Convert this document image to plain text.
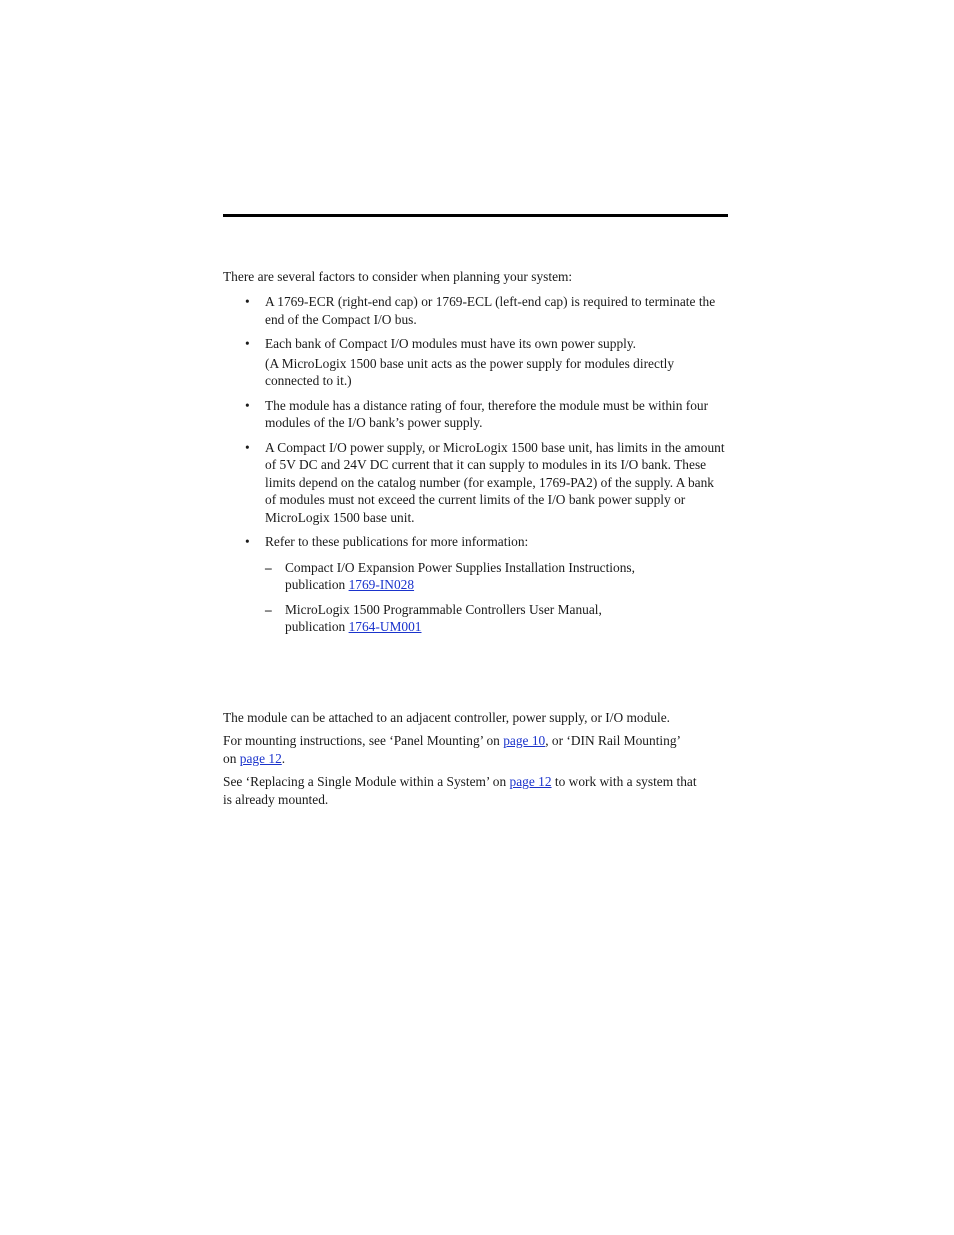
There are several factors to consider when planning your system:

• A 1769-ECR (right-end cap) or 1769-ECL (left-end cap) is required to terminate the end of the Compact I/O bus.
• Each bank of Compact I/O modules must have its own power supply.
(A MicroLogix 1500 base unit acts as the power supply for modules directly connected to it.)
• The module has a distance rating of four, therefore the module must be within four modules of the I/O bank’s power supply.
• A Compact I/O power supply, or MicroLogix 1500 base unit, has limits in the amount of 5V DC and 24V DC current that it can supply to modules in its I/O bank. These limits depend on the catalog number (for example, 1769-PA2) of the supply. A bank of modules must not exceed the current limits of the I/O bank power supply or MicroLogix 1500 base unit.
• Refer to these publications for more information:
– Compact I/O Expansion Power Supplies Installation Instructions,
publication 1769-IN028
– MicroLogix 1500 Programmable Controllers User Manual,
publication 1764-UM001

The module can be attached to an adjacent controller, power supply, or I/O module.

For mounting instructions, see ‘Panel Mounting’ on page 10, or ‘DIN Rail Mounting’ on page 12.

See ‘Replacing a Single Module within a System’ on page 12 to work with a system that is already mounted.
